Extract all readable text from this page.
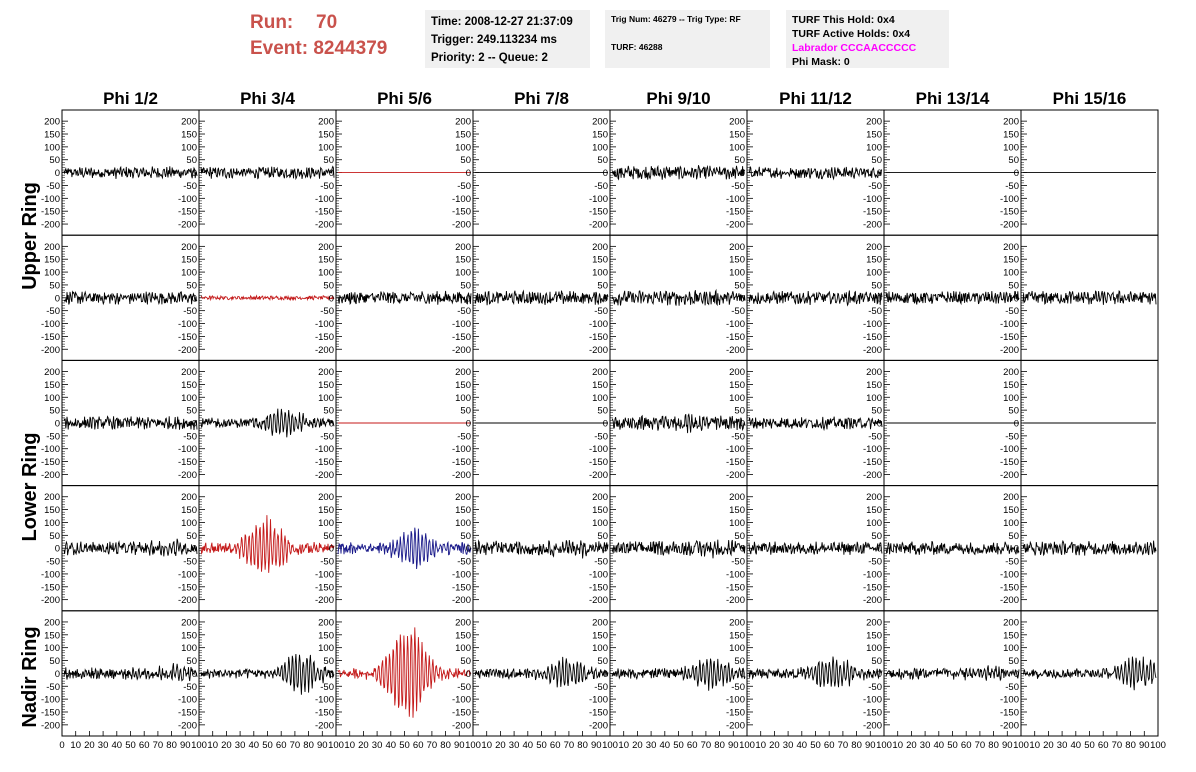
Run: 70
Event: 8244379
Time: 2008-12-27 21:37:09
Trigger: 249.113234 ms
Priority: 2 -- Queue: 2
Trig Num: 46279 -- Trig Type: RF
TURF: 46288
TURF This Hold: 0x4
TURF Active Holds: 0x4
Labrador CCCAACCCCC
Phi Mask: 0
Upper Ring
Lower Ring
Nadir Ring
Phi 1/2	Phi 3/4	Phi 5/6	Phi 7/8	Phi 9/10	Phi 11/12	Phi 13/14	Phi 15/16
-200
-150
-100
-50
0
50
100
150
200
-200
-150
-100
-50
0
50
100
150
200
-200
-150
-100
-50
0
50
100
150
200
-200
-150
-100
-50
0
50
100
150
200
-200
-150
-100
-50
0
50
100
150
200
-200
-150
-100
-50
0
50
100
150
200
-200
-150
-100
-50
0
50
100
150
200
-200
-150
-100
-50
0
50
100
150
200
-200
-150
-100
-50
0
50
100
150
200
-200
-150
-100
-50
0
50
100
150
200
-200
-150
-100
-50
0
50
100
150
200
-200
-150
-100
-50
0
50
100
150
200
-200
-150
-100
-50
0
50
100
150
200
-200
-150
-100
-50
0
50
100
150
200
-200
-150
-100
-50
0
50
100
150
200
-200
-150
-100
-50
0
50
100
150
200
-200
-150
-100
-50
0
50
100
150
200
-200
-150
-100
-50
0
50
100
150
200
-200
-150
-100
-50
0
50
100
150
200
-200
-150
-100
-50
0
50
100
150
200
-200
-150
-100
-50
0
50
100
150
200
-200
-150
-100
-50
0
50
100
150
200
-200
-150
-100
-50
0
50
100
150
200
-200
-150
-100
-50
0
50
100
150
200
-200
-150
-100
-50
0
50
100
150
200
-200
-150
-100
-50
0
50
100
150
200
-200
-150
-100
-50
0
50
100
150
200
-200
-150
-100
-50
0
50
100
150
200
-200
-150
-100
-50
0
50
100
150
200
-200
-150
-100
-50
0
50
100
150
200
-200
-150
-100
-50
0
50
100
150
200
-200
-150
-100
-50
0
50
100
150
200
-200
-150
-100
-50
0
50
100
150
200
-200
-150
-100
-50
0
50
100
150
200
-200
-150
-100
-50
0
50
100
150
200
-200
-150
-100
-50
0
50
100
150
200
-200
-150
-100
-50
0
50
100
150
200
-200
-150
-100
-50
0
50
100
150
200
-200
-150
-100
-50
0
50
100
150
200
-200
-150
-100
-50
0
50
100
150
200
0 10 20 30 40 50 60 70 80 90 100 10 20 30 40 50 60 70 80 90 100 10 20 30 40 50 60 70 80 90 100 10 20 30 40 50 60 70 80 90 100 10 20 30 40 50 60 70 80 90 100 10 20 30 40 50 60 70 80 90 100 10 20 30 40 50 60 70 80 90 100 10 20 30 40 50 60 70 80 90 100
